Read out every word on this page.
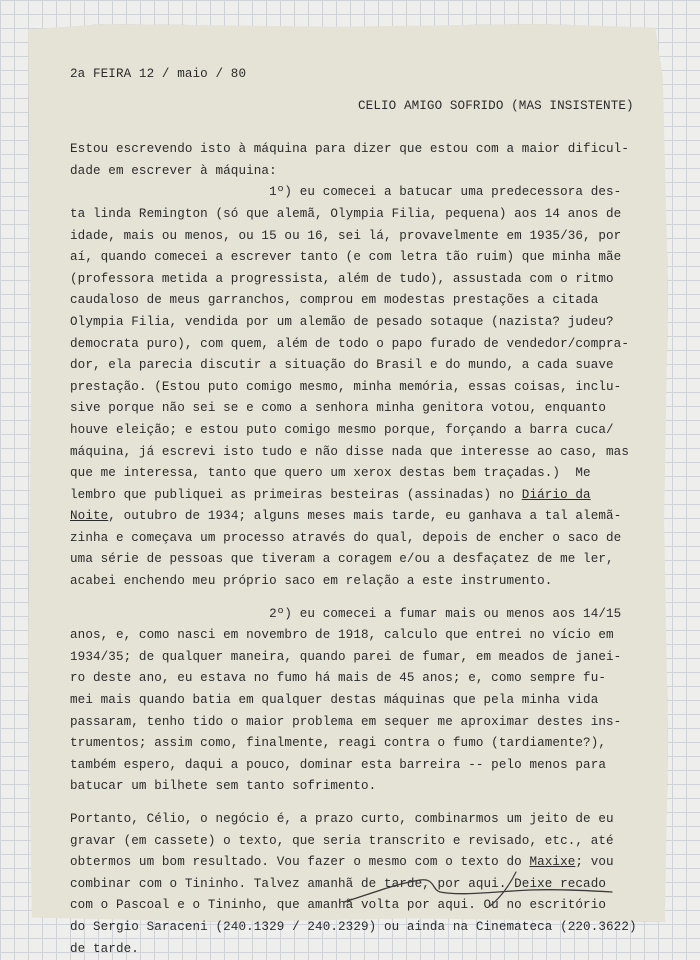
2a FEIRA 12 / maio / 80
CELIO AMIGO SOFRIDO (MAS INSISTENTE)
Estou escrevendo isto à máquina para dizer que estou com a maior dificul-
dade em escrever à máquina:
1º) eu comecei a batucar uma predecessora des-
ta linda Remington (só que alemã, Olympia Filia, pequena) aos 14 anos de
idade, mais ou menos, ou 15 ou 16, sei lá, provavelmente em 1935/36, por
aí, quando comecei a escrever tanto (e com letra tão ruim) que minha mãe
(professora metida a progressista, além de tudo), assustada com o ritmo
caudaloso de meus garranchos, comprou em modestas prestações a citada
Olympia Filia, vendida por um alemão de pesado sotaque (nazista? judeu?
democrata puro), com quem, além de todo o papo furado de vendedor/compra-
dor, ela parecia discutir a situação do Brasil e do mundo, a cada suave
prestação. (Estou puto comigo mesmo, minha memória, essas coisas, inclu-
sive porque não sei se e como a senhora minha genitora votou, enquanto
houve eleição; e estou puto comigo mesmo porque, forçando a barra cuca/
máquina, já escrevi isto tudo e não disse nada que interesse ao caso, mas
que me interessa, tanto que quero um xerox destas bem traçadas.)  Me
lembro que publiquei as primeiras besteiras (assinadas) no Diário da
Noite, outubro de 1934; alguns meses mais tarde, eu ganhava a tal alemã-
zinha e começava um processo através do qual, depois de encher o saco de
uma série de pessoas que tiveram a coragem e/ou a desfaçatez de me ler,
acabei enchendo meu próprio saco em relação a este instrumento.
2º) eu comecei a fumar mais ou menos aos 14/15
anos, e, como nasci em novembro de 1918, calculo que entrei no vício em
1934/35; de qualquer maneira, quando parei de fumar, em meados de janei-
ro deste ano, eu estava no fumo há mais de 45 anos; e, como sempre fu-
mei mais quando batia em qualquer destas máquinas que pela minha vida
passaram, tenho tido o maior problema em sequer me aproximar destes ins-
trumentos; assim como, finalmente, reagi contra o fumo (tardiamente?),
também espero, daqui a pouco, dominar esta barreira -- pelo menos para
batucar um bilhete sem tanto sofrimento.
Portanto, Célio, o negócio é, a prazo curto, combinarmos um jeito de eu
gravar (em cassete) o texto, que seria transcrito e revisado, etc., até
obtermos um bom resultado. Vou fazer o mesmo com o texto do Maxixe; vou
combinar com o Tininho. Talvez amanhã de tarde, por aqui. Deixe recado
com o Pascoal e o Tininho, que amanhã volta por aqui. Ou no escritório
do Sergio Saraceni (240.1329 / 240.2329) ou ainda na Cinemateca (220.3622)
de tarde.
